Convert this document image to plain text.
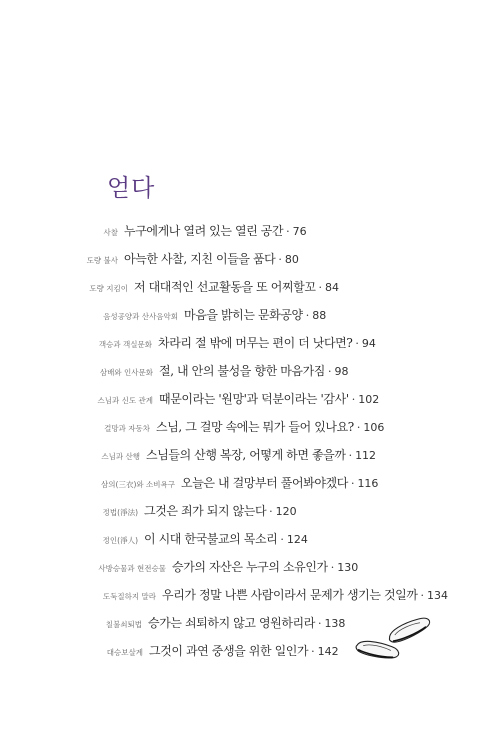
얻다
사찰 누구에게나 열려 있는 열린 공간 · 76
도량 불사 아늑한 사찰, 지친 이들을 품다 · 80
도량 지킴이 저 대대적인 선교활동을 또 어찌할꼬 · 84
음성공양과 산사음악회 마음을 밝히는 문화공양 · 88
객승과 객실문화 차라리 절 밖에 머무는 편이 더 낫다면? · 94
삼배와 인사문화 절, 내 안의 불성을 향한 마음가짐 · 98
스님과 신도 관계 때문이라는 '원망'과 덕분이라는 '감사' · 102
걸망과 자동차 스님, 그 걸망 속에는 뭐가 들어 있나요? · 106
스님과 산행 스님들의 산행 복장, 어떻게 하면 좋을까 · 112
삼의(三衣)와 소비욕구 오늘은 내 걸망부터 풀어봐야겠다 · 116
정법(淨法) 그것은 죄가 되지 않는다 · 120
정인(淨人) 이 시대 한국불교의 목소리 · 124
사방승물과 현전승물 승가의 자산은 누구의 소유인가 · 130
도둑질하지 말라 우리가 정말 나쁜 사람이라서 문제가 생기는 것일까 · 134
칠불쇠퇴법 승가는 쇠퇴하지 않고 영원하리라 · 138
대승보살계 그것이 과연 중생을 위한 일인가 · 142
